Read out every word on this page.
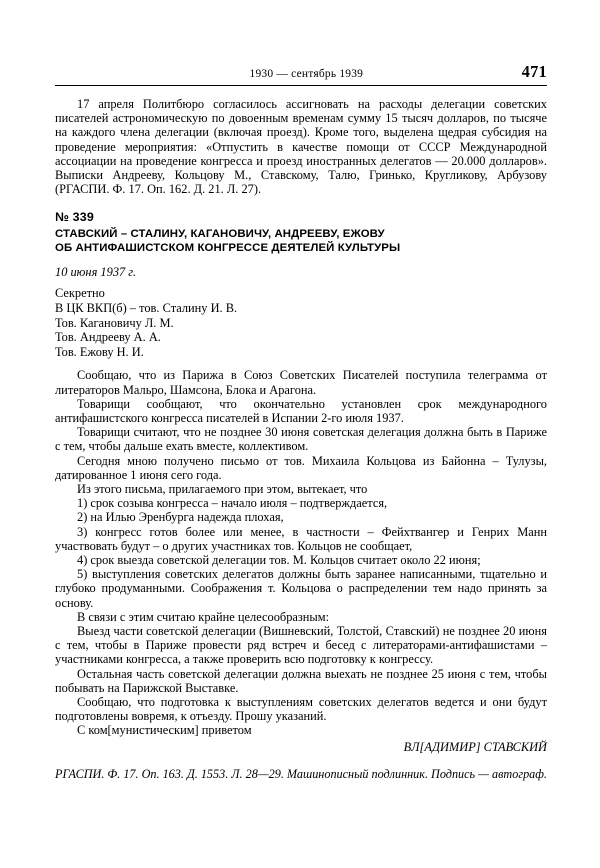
1930 — сентябрь 1939	471

17 апреля Политбюро согласилось ассигновать на расходы делегации советских писателей астрономическую по довоенным временам сумму 15 тысяч долларов, по тысяче на каждого члена делегации (включая проезд). Кроме того, выделена щедрая субсидия на проведение мероприятия: «Отпустить в качестве помощи от СССР Международной ассоциации на проведение конгресса и проезд иностранных делегатов — 20.000 долларов». Выписки Андрееву, Кольцову М., Ставскому, Талю, Гринько, Кругликову, Арбузову (РГАСПИ. Ф. 17. Оп. 162. Д. 21. Л. 27).

№ 339
СТАВСКИЙ – СТАЛИНУ, КАГАНОВИЧУ, АНДРЕЕВУ, ЕЖОВУ
ОБ АНТИФАШИСТСКОМ КОНГРЕССЕ ДЕЯТЕЛЕЙ КУЛЬТУРЫ
10 июня 1937 г.
Секретно
В ЦК ВКП(б) – тов. Сталину И. В.
Тов. Кагановичу Л. М.
Тов. Андрееву А. А.
Тов. Ежову Н. И.

Сообщаю, что из Парижа в Союз Советских Писателей поступила телеграмма от литераторов Мальро, Шамсона, Блока и Арагона.

Товарищи сообщают, что окончательно установлен срок международного антифашистского конгресса писателей в Испании 2-го июля 1937.

Товарищи считают, что не позднее 30 июня советская делегация должна быть в Париже с тем, чтобы дальше ехать вместе, коллективом.

Сегодня мною получено письмо от тов. Михаила Кольцова из Байонна – Тулузы, датированное 1 июня сего года.

Из этого письма, прилагаемого при этом, вытекает, что

1) срок созыва конгресса – начало июля – подтверждается,

2) на Илью Эренбурга надежда плохая,

3) конгресс готов более или менее, в частности – Фейхтвангер и Генрих Манн участвовать будут – о других участниках тов. Кольцов не сообщает,

4) срок выезда советской делегации тов. М. Кольцов считает около 22 июня;

5) выступления советских делегатов должны быть заранее написанными, тщательно и глубоко продуманными. Соображения т. Кольцова о распределении тем надо принять за основу.

В связи с этим считаю крайне целесообразным:

Выезд части советской делегации (Вишневский, Толстой, Ставский) не позднее 20 июня с тем, чтобы в Париже провести ряд встреч и бесед с литераторами-антифашистами – участниками конгресса, а также проверить всю подготовку к конгрессу.

Остальная часть советской делегации должна выехать не позднее 25 июня с тем, чтобы побывать на Парижской Выставке.

Сообщаю, что подготовка к выступлениям советских делегатов ведется и они будут подготовлены вовремя, к отъезду. Прошу указаний.

С ком[мунистическим] приветом

ВЛ[АДИМИР] СТАВСКИЙ

РГАСПИ. Ф. 17. Оп. 163. Д. 1553. Л. 28—29. Машинописный подлинник. Подпись — автограф.
